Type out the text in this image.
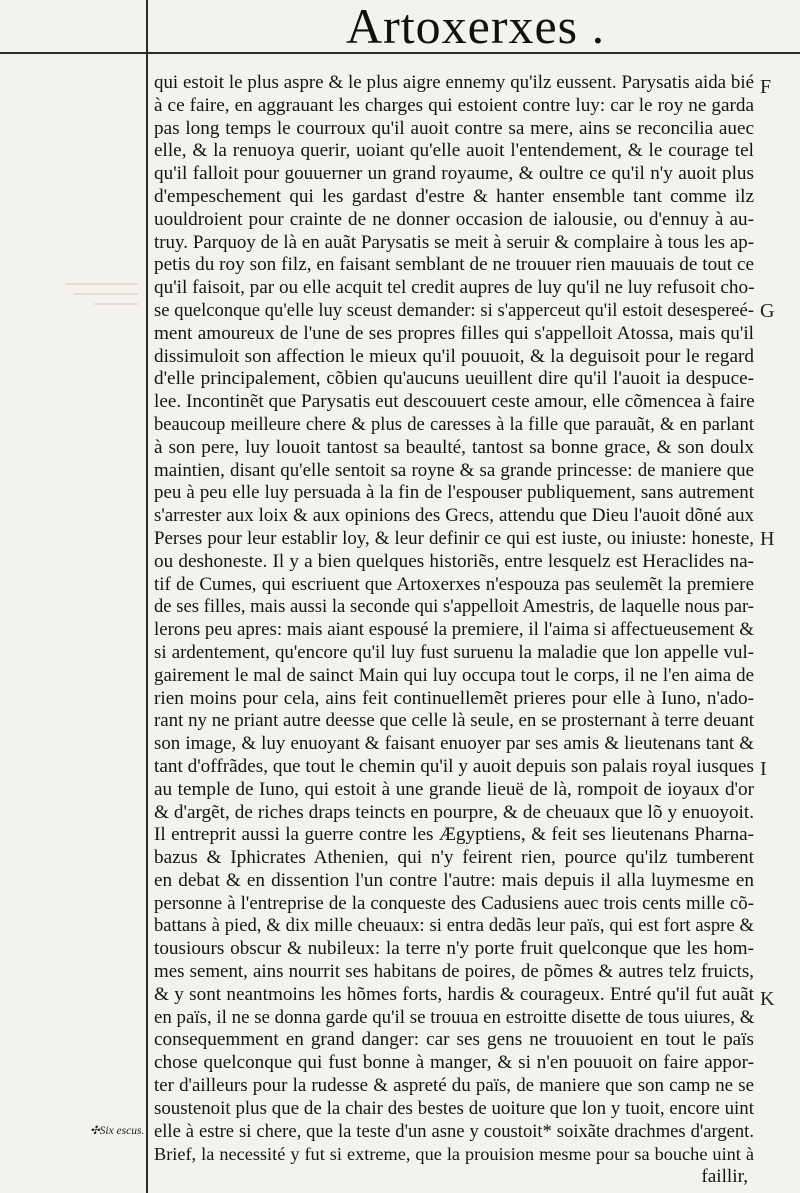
Artoxerxes .
qui estoit le plus aspre & le plus aigre ennemy qu'ilz eussent. Parysatis aida bié
à ce faire, en aggrauant les charges qui estoient contre luy: car le roy ne garda
pas long temps le courroux qu'il auoit contre sa mere, ains se reconcilia auec
elle, & la renuoya querir, uoiant qu'elle auoit l'entendement, & le courage tel
qu'il falloit pour gouuerner un grand royaume, & oultre ce qu'il n'y auoit plus
d'empeschement qui les gardast d'estre & hanter ensemble tant comme ilz
uouldroient pour crainte de ne donner occasion de ialousie, ou d'ennuy à au-
truy. Parquoy de là en auãt Parysatis se meit à seruir & complaire à tous les ap-
petis du roy son filz, en faisant semblant de ne trouuer rien mauuais de tout ce
qu'il faisoit, par ou elle acquit tel credit aupres de luy qu'il ne luy refusoit cho-
se quelconque qu'elle luy sceust demander: si s'apperceut qu'il estoit desespereé-
ment amoureux de l'une de ses propres filles qui s'appelloit Atossa, mais qu'il
dissimuloit son affection le mieux qu'il pouuoit, & la deguisoit pour le regard
d'elle principalement, cõbien qu'aucuns ueuillent dire qu'il l'auoit ia despuce-
lee. Incontinẽt que Parysatis eut descouuert ceste amour, elle cõmencea à faire
beaucoup meilleure chere & plus de caresses à la fille que parauãt, & en parlant
à son pere, luy louoit tantost sa beaulté, tantost sa bonne grace, & son doulx
maintien, disant qu'elle sentoit sa royne & sa grande princesse: de maniere que
peu à peu elle luy persuada à la fin de l'espouser publiquement, sans autrement
s'arrester aux loix & aux opinions des Grecs, attendu que Dieu l'auoit dõné aux
Perses pour leur establir loy, & leur definir ce qui est iuste, ou iniuste: honeste,
ou deshoneste. Il y a bien quelques historiẽs, entre lesquelz est Heraclides na-
tif de Cumes, qui escriuent que Artoxerxes n'espouza pas seulemẽt la premiere
de ses filles, mais aussi la seconde qui s'appelloit Amestris, de laquelle nous par-
lerons peu apres: mais aiant espousé la premiere, il l'aima si affectueusement &
si ardentement, qu'encore qu'il luy fust suruenu la maladie que lon appelle vul-
gairement le mal de sainct Main qui luy occupa tout le corps, il ne l'en aima de
rien moins pour cela, ains feit continuellemẽt prieres pour elle à Iuno, n'ado-
rant ny ne priant autre deesse que celle là seule, en se prosternant à terre deuant
son image, & luy enuoyant & faisant enuoyer par ses amis & lieutenans tant &
tant d'offrãdes, que tout le chemin qu'il y auoit depuis son palais royal iusques
au temple de Iuno, qui estoit à une grande lieuë de là, rompoit de ioyaux d'or
& d'argẽt, de riches draps teincts en pourpre, & de cheuaux que lõ y enuoyoit.
Il entreprit aussi la guerre contre les Ægyptiens, & feit ses lieutenans Pharna-
bazus & Iphicrates Athenien, qui n'y feirent rien, pource qu'ilz tumberent
en debat & en dissention l'un contre l'autre: mais depuis il alla luymesme en
personne à l'entreprise de la conqueste des Cadusiens auec trois cents mille cõ-
battans à pied, & dix mille cheuaux: si entra dedãs leur païs, qui est fort aspre &
tousiours obscur & nubileux: la terre n'y porte fruit quelconque que les hom-
mes sement, ains nourrit ses habitans de poires, de põmes & autres telz fruicts,
& y sont neantmoins les hõmes forts, hardis & courageux. Entré qu'il fut auãt
en païs, il ne se donna garde qu'il se trouua en estroitte disette de tous uiures, &
consequemment en grand danger: car ses gens ne trouuoient en tout le païs
chose quelconque qui fust bonne à manger, & si n'en pouuoit on faire appor-
ter d'ailleurs pour la rudesse & aspreté du païs, de maniere que son camp ne se
soustenoit plus que de la chair des bestes de uoiture que lon y tuoit, encore uint
elle à estre si chere, que la teste d'un asne y coustoit* soixãte drachmes d'argent.
Brief, la necessité y fut si extreme, que la prouision mesme pour sa bouche uint à
faillir,
F
G
H
I
K
✣Six escus.
